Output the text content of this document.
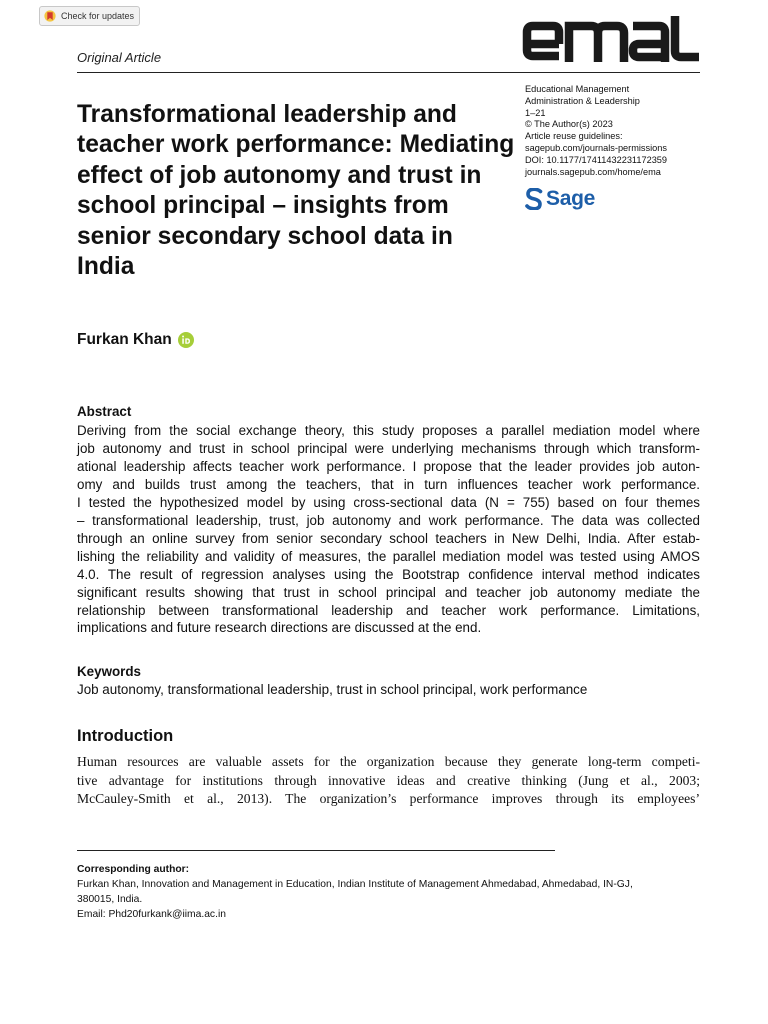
Check for updates
Original Article
Transformational leadership and teacher work performance: Mediating effect of job autonomy and trust in school principal – insights from senior secondary school data in India
Educational Management
Administration & Leadership
1–21
© The Author(s) 2023
Article reuse guidelines:
sagepub.com/journals-permissions
DOI: 10.1177/17411432231172359
journals.sagepub.com/home/ema
Sage
Furkan Khan
Abstract
Deriving from the social exchange theory, this study proposes a parallel mediation model where
job autonomy and trust in school principal were underlying mechanisms through which transform-
ational leadership affects teacher work performance. I propose that the leader provides job auton-
omy and builds trust among the teachers, that in turn influences teacher work performance.
I tested the hypothesized model by using cross-sectional data (N = 755) based on four themes
– transformational leadership, trust, job autonomy and work performance. The data was collected
through an online survey from senior secondary school teachers in New Delhi, India. After estab-
lishing the reliability and validity of measures, the parallel mediation model was tested using AMOS
4.0. The result of regression analyses using the Bootstrap confidence interval method indicates
significant results showing that trust in school principal and teacher job autonomy mediate the
relationship between transformational leadership and teacher work performance. Limitations,
implications and future research directions are discussed at the end.
Keywords
Job autonomy, transformational leadership, trust in school principal, work performance
Introduction
Human resources are valuable assets for the organization because they generate long-term competi-
tive advantage for institutions through innovative ideas and creative thinking (Jung et al., 2003;
McCauley-Smith et al., 2013). The organization’s performance improves through its employees’
Corresponding author:
Furkan Khan, Innovation and Management in Education, Indian Institute of Management Ahmedabad, Ahmedabad, IN-GJ,
380015, India.
Email: Phd20furkank@iima.ac.in
